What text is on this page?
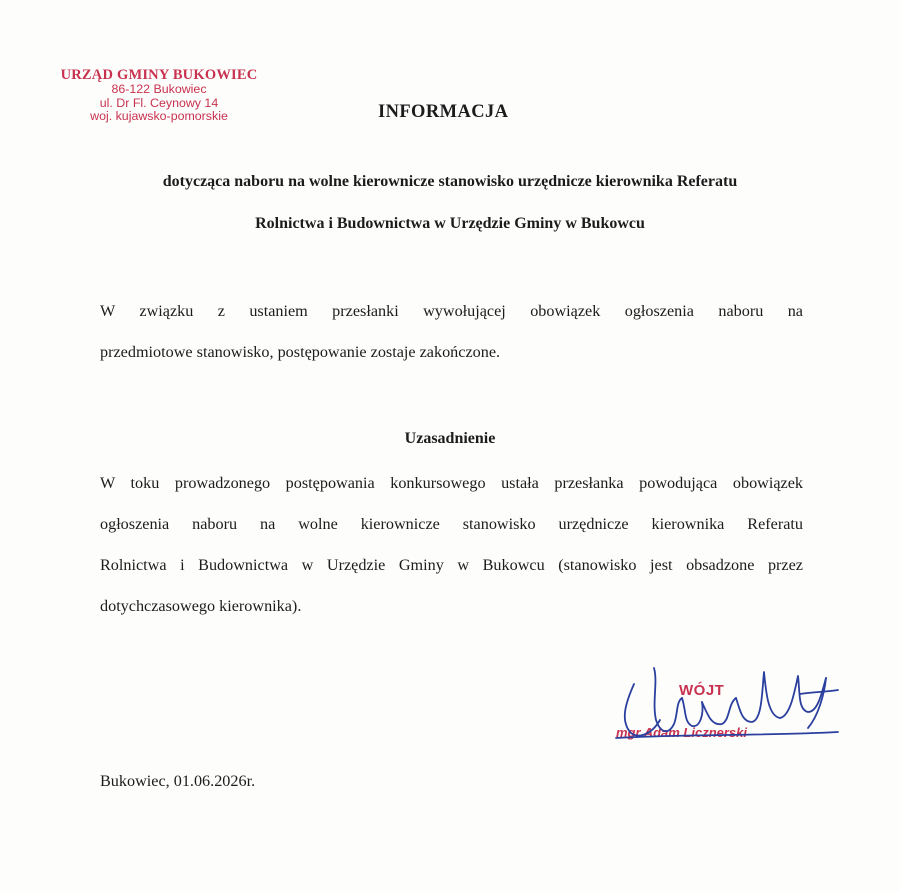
URZĄD GMINY BUKOWIEC
86-122 Bukowiec
ul. Dr Fl. Ceynowy 14
woj. kujawsko-pomorskie	INFORMACJA

dotycząca naboru na wolne kierownicze stanowisko urzędnicze kierownika Referatu

Rolnictwa i Budownictwa w Urzędzie Gminy w Bukowcu

W związku z ustaniem przesłanki wywołującej obowiązek ogłoszenia naboru na
przedmiotowe stanowisko, postępowanie zostaje zakończone.
Uzasadnienie
W toku prowadzonego postępowania konkursowego ustała przesłanka powodująca obowiązek
ogłoszenia naboru na wolne kierownicze stanowisko urzędnicze kierownika Referatu
Rolnictwa i Budownictwa w Urzędzie Gminy w Bukowcu (stanowisko jest obsadzone przez
dotychczasowego kierownika).
WÓJT
mgr Adam Licznerski

Bukowiec, 01.06.2026r.
